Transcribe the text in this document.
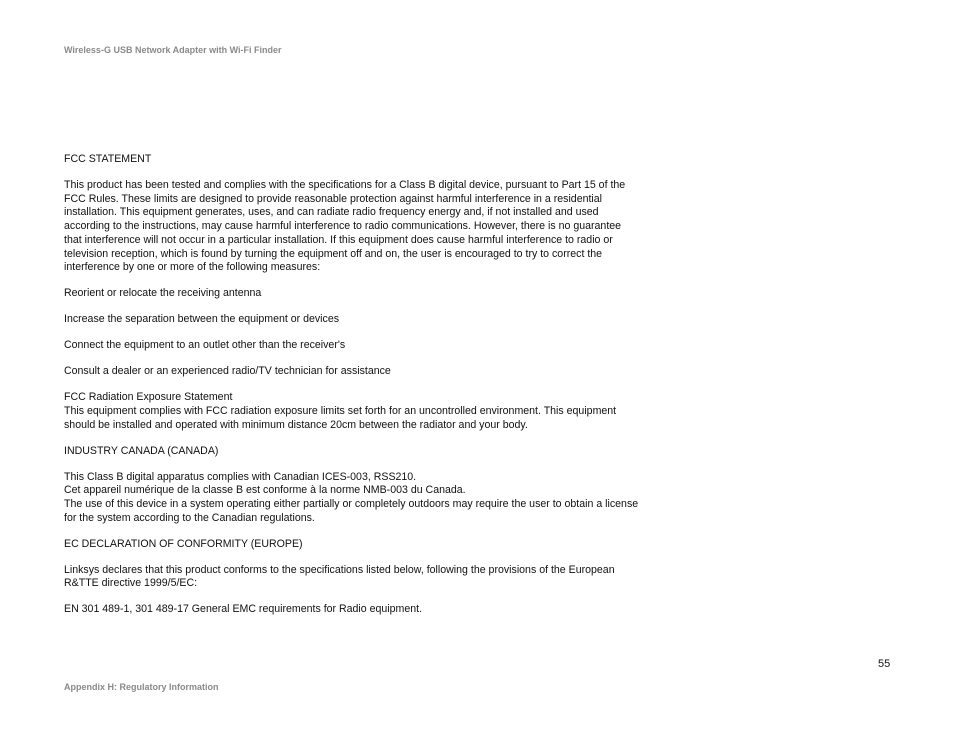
Wireless-G USB Network Adapter with Wi-Fi Finder
FCC STATEMENT
This product has been tested and complies with the specifications for a Class B digital device, pursuant to Part 15 of the
FCC Rules. These limits are designed to provide reasonable protection against harmful interference in a residential
installation. This equipment generates, uses, and can radiate radio frequency energy and, if not installed and used
according to the instructions, may cause harmful interference to radio communications. However, there is no guarantee
that interference will not occur in a particular installation. If this equipment does cause harmful interference to radio or
television reception, which is found by turning the equipment off and on, the user is encouraged to try to correct the
interference by one or more of the following measures:
Reorient or relocate the receiving antenna
Increase the separation between the equipment or devices
Connect the equipment to an outlet other than the receiver's
Consult a dealer or an experienced radio/TV technician for assistance
FCC Radiation Exposure Statement
This equipment complies with FCC radiation exposure limits set forth for an uncontrolled environment. This equipment
should be installed and operated with minimum distance 20cm between the radiator and your body.
INDUSTRY CANADA (CANADA)
This Class B digital apparatus complies with Canadian ICES-003, RSS210.
Cet appareil numérique de la classe B est conforme à la norme NMB-003 du Canada.
The use of this device in a system operating either partially or completely outdoors may require the user to obtain a license
for the system according to the Canadian regulations.
EC DECLARATION OF CONFORMITY (EUROPE)
Linksys declares that this product conforms to the specifications listed below, following the provisions of the European
R&TTE directive 1999/5/EC:
EN 301 489-1, 301 489-17 General EMC requirements for Radio equipment.
55
Appendix H: Regulatory Information
